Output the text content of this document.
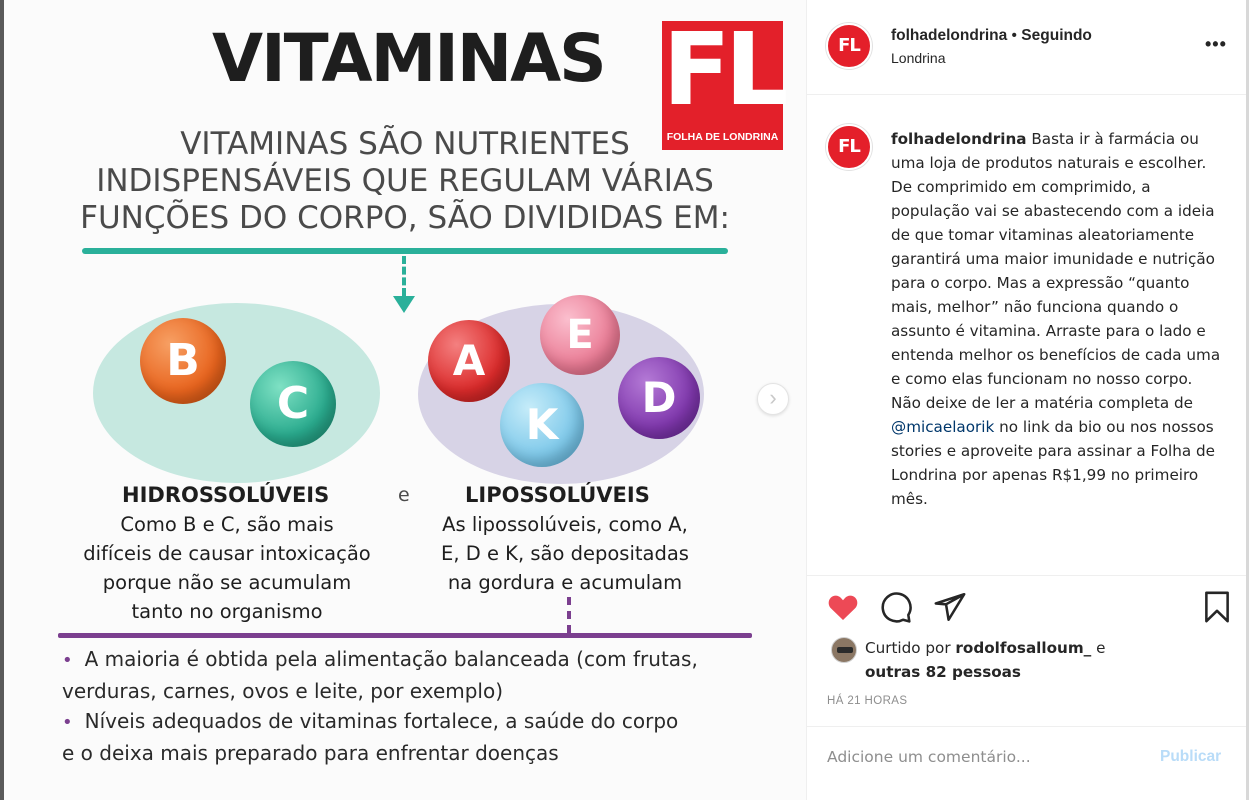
VITAMINAS FL
FOLHA DE LONDRINA
VITAMINAS SÃO NUTRIENTES
INDISPENSÁVEIS QUE REGULAM VÁRIAS
FUNÇÕES DO CORPO, SÃO DIVIDIDAS EM:
B
C
A
E
D
K
HIDROSSOLÚVEIS	e	LIPOSSOLÚVEIS
Como B e C, são mais
difíceis de causar intoxicação
porque não se acumulam
tanto no organismo
As lipossolúveis, como A,
E, D e K, são depositadas
na gordura e acumulam
• A maioria é obtida pela alimentação balanceada (com frutas,
verduras, carnes, ovos e leite, por exemplo)
• Níveis adequados de vitaminas fortalece, a saúde do corpo
e o deixa mais preparado para enfrentar doenças
›
FL	folhadelondrina • Seguindo
Londrina
•••
FL	folhadelondrina Basta ir à farmácia ou uma loja de produtos naturais e escolher. De comprimido em comprimido, a população vai se abastecendo com a ideia de que tomar vitaminas aleatoriamente garantirá uma maior imunidade e nutrição para o corpo. Mas a expressão “quanto mais, melhor” não funciona quando o assunto é vitamina. Arraste para o lado e entenda melhor os benefícios de cada uma e como elas funcionam no nosso corpo. Não deixe de ler a matéria completa de @micaelaorik no link da bio ou nos nossos stories e aproveite para assinar a Folha de Londrina por apenas R$1,99 no primeiro mês.
Curtido por rodolfosalloum_ e outras 82 pessoas
HÁ 21 HORAS
Adicione um comentário...
Publicar
